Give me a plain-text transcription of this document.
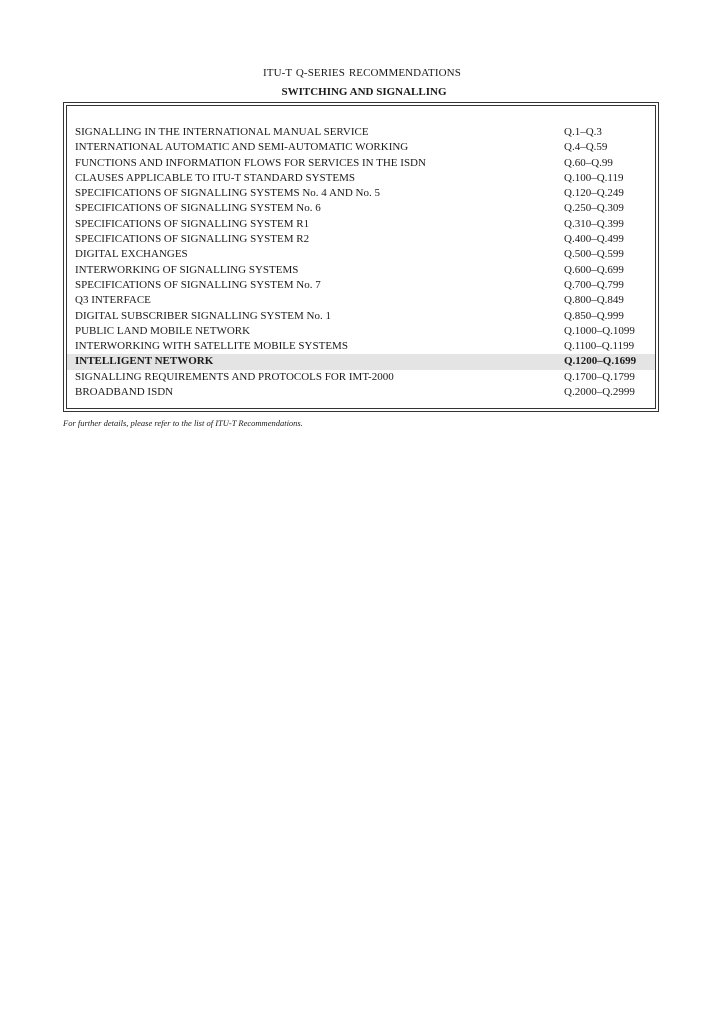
ITU-T Q-SERIES RECOMMENDATIONS
SWITCHING AND SIGNALLING
SIGNALLING IN THE INTERNATIONAL MANUAL SERVICE	Q.1–Q.3
INTERNATIONAL AUTOMATIC AND SEMI-AUTOMATIC WORKING	Q.4–Q.59
FUNCTIONS AND INFORMATION FLOWS FOR SERVICES IN THE ISDN	Q.60–Q.99
CLAUSES APPLICABLE TO ITU-T STANDARD SYSTEMS	Q.100–Q.119
SPECIFICATIONS OF SIGNALLING SYSTEMS No. 4 AND No. 5	Q.120–Q.249
SPECIFICATIONS OF SIGNALLING SYSTEM No. 6	Q.250–Q.309
SPECIFICATIONS OF SIGNALLING SYSTEM R1	Q.310–Q.399
SPECIFICATIONS OF SIGNALLING SYSTEM R2	Q.400–Q.499
DIGITAL EXCHANGES	Q.500–Q.599
INTERWORKING OF SIGNALLING SYSTEMS	Q.600–Q.699
SPECIFICATIONS OF SIGNALLING SYSTEM No. 7	Q.700–Q.799
Q3 INTERFACE	Q.800–Q.849
DIGITAL SUBSCRIBER SIGNALLING SYSTEM No. 1	Q.850–Q.999
PUBLIC LAND MOBILE NETWORK	Q.1000–Q.1099
INTERWORKING WITH SATELLITE MOBILE SYSTEMS	Q.1100–Q.1199
INTELLIGENT NETWORK	Q.1200–Q.1699
SIGNALLING REQUIREMENTS AND PROTOCOLS FOR IMT-2000	Q.1700–Q.1799
BROADBAND ISDN	Q.2000–Q.2999
For further details, please refer to the list of ITU-T Recommendations.
